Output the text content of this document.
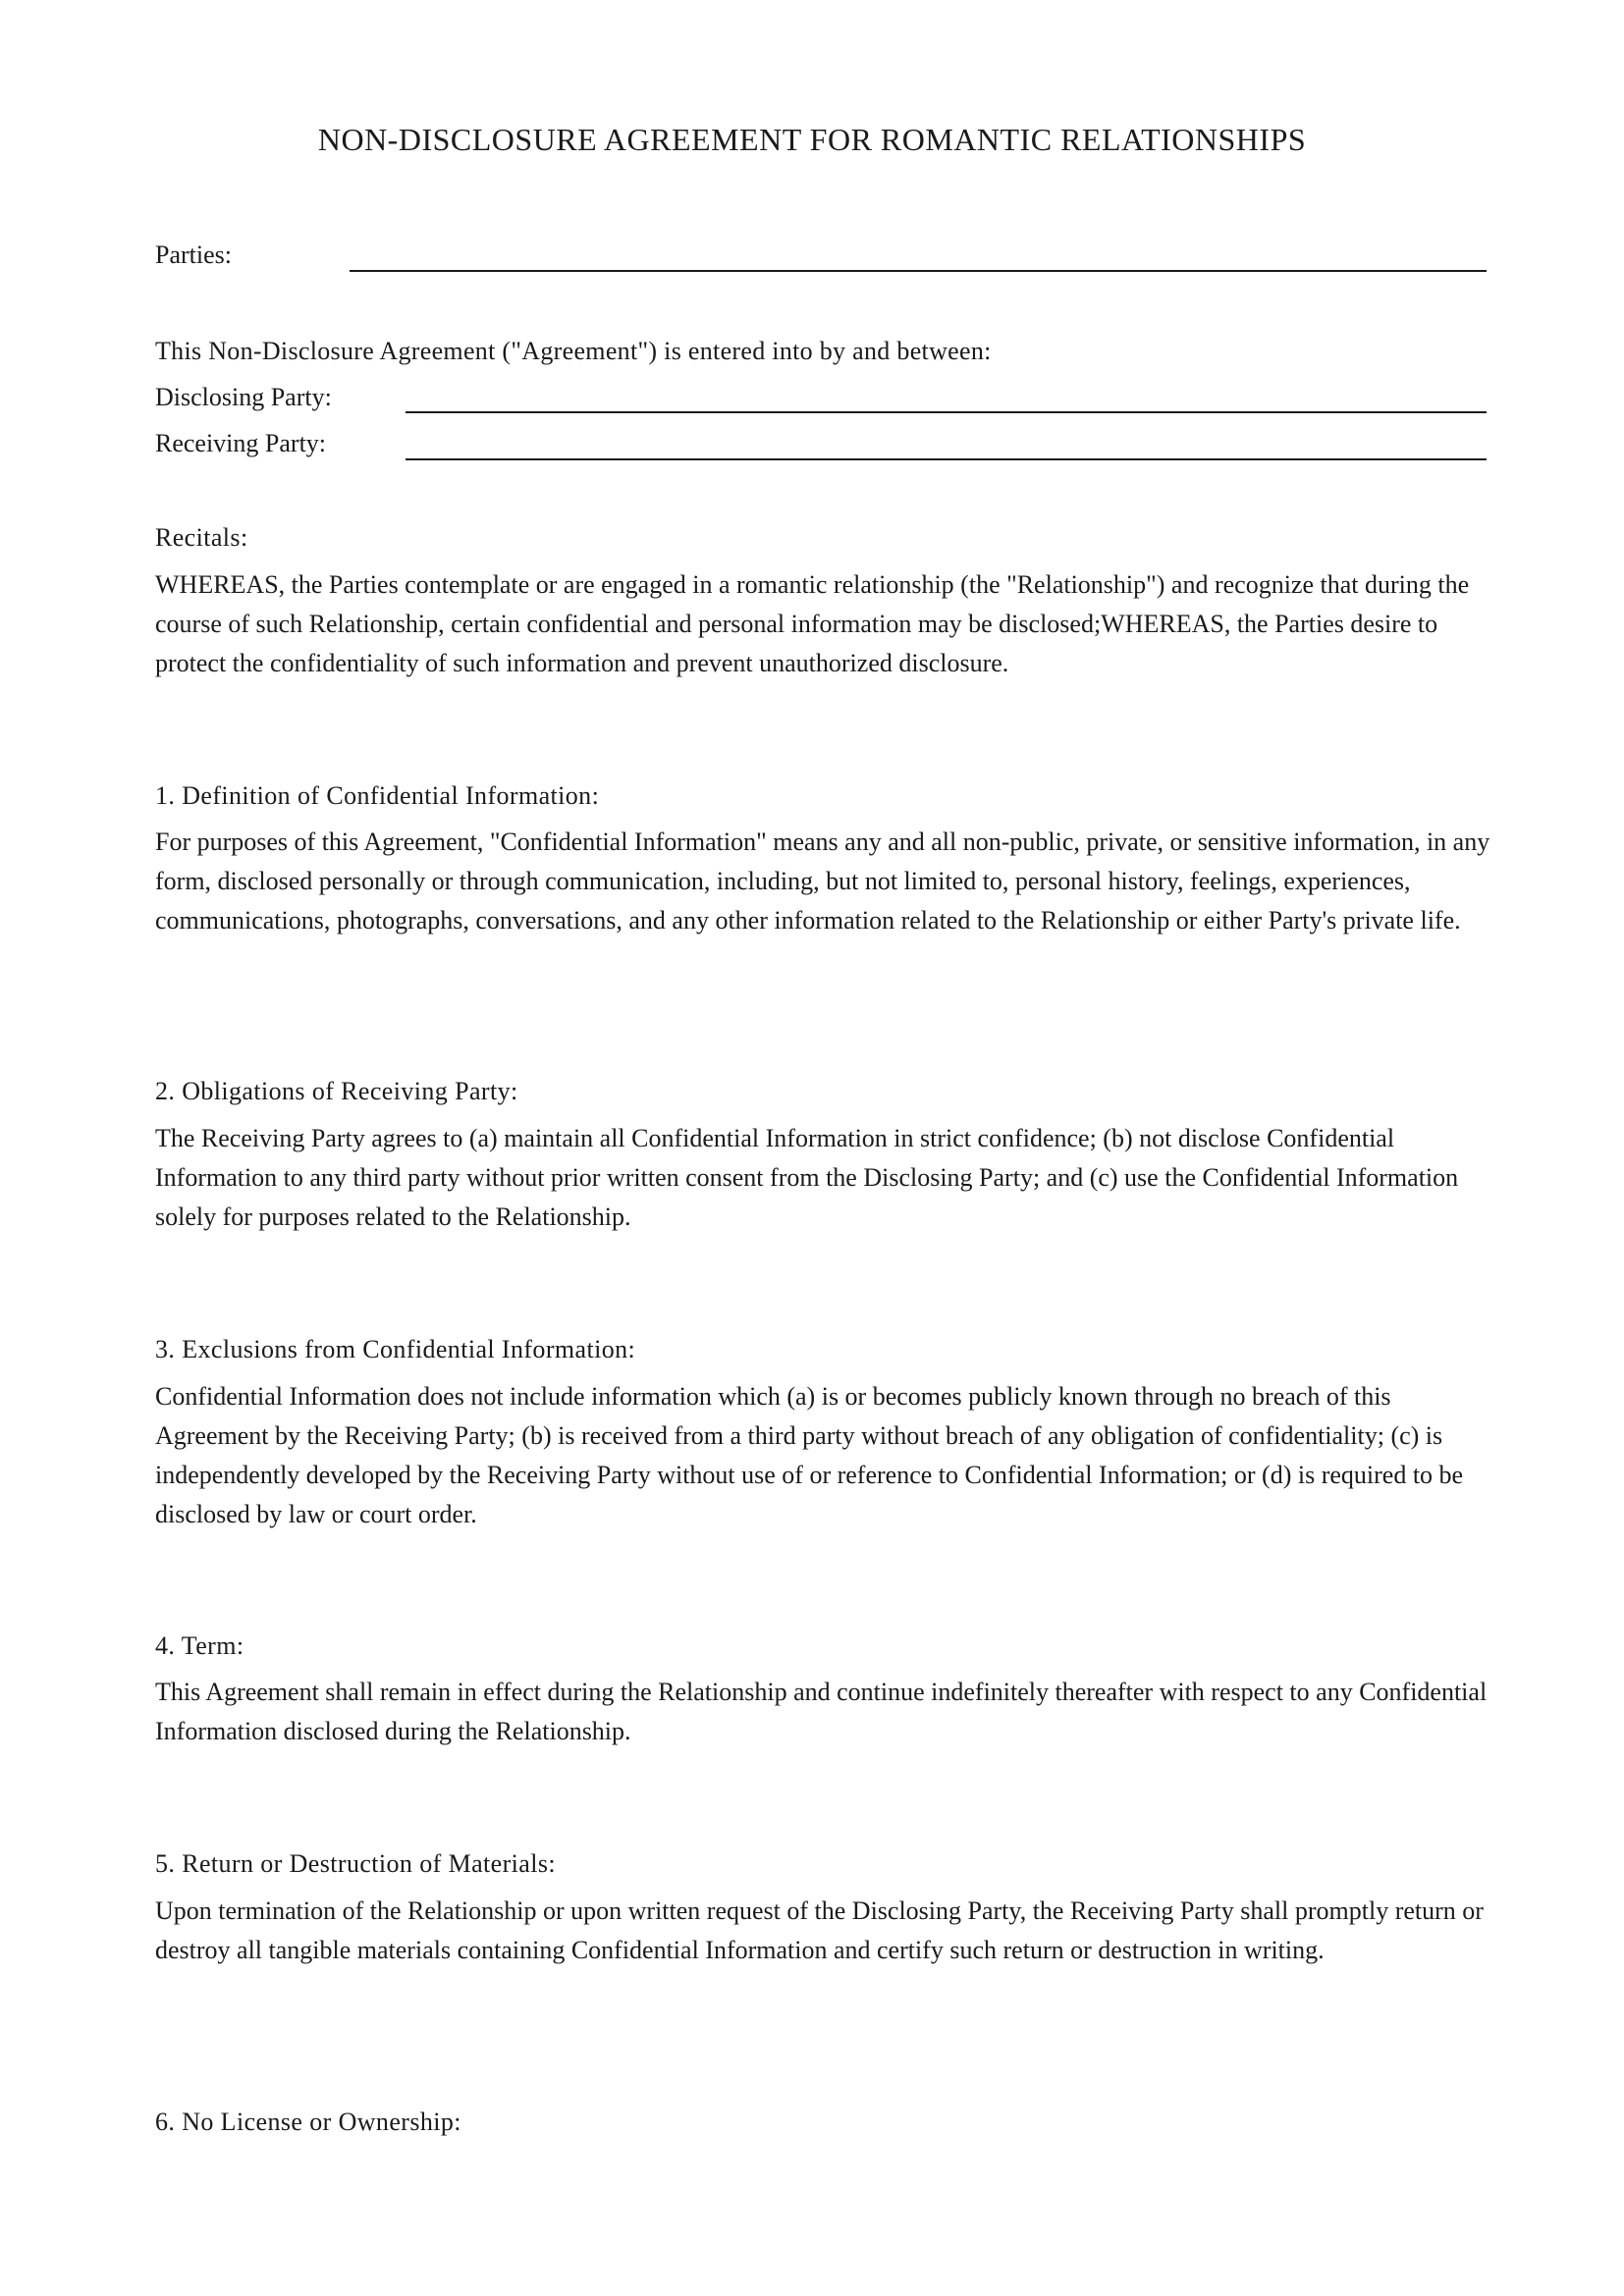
NON-DISCLOSURE AGREEMENT FOR ROMANTIC RELATIONSHIPS
Parties:
This Non-Disclosure Agreement ("Agreement") is entered into by and between:
Disclosing Party:
Receiving Party:
Recitals:
WHEREAS, the Parties contemplate or are engaged in a romantic relationship (the "Relationship") and recognize that during the course of such Relationship, certain confidential and personal information may be disclosed;WHEREAS, the Parties desire to protect the confidentiality of such information and prevent unauthorized disclosure.
1. Definition of Confidential Information:
For purposes of this Agreement, "Confidential Information" means any and all non-public, private, or sensitive information, in any form, disclosed personally or through communication, including, but not limited to, personal history, feelings, experiences, communications, photographs, conversations, and any other information related to the Relationship or either Party's private life.
2. Obligations of Receiving Party:
The Receiving Party agrees to (a) maintain all Confidential Information in strict confidence; (b) not disclose Confidential Information to any third party without prior written consent from the Disclosing Party; and (c) use the Confidential Information solely for purposes related to the Relationship.
3. Exclusions from Confidential Information:
Confidential Information does not include information which (a) is or becomes publicly known through no breach of this Agreement by the Receiving Party; (b) is received from a third party without breach of any obligation of confidentiality; (c) is independently developed by the Receiving Party without use of or reference to Confidential Information; or (d) is required to be disclosed by law or court order.
4. Term:
This Agreement shall remain in effect during the Relationship and continue indefinitely thereafter with respect to any Confidential Information disclosed during the Relationship.
5. Return or Destruction of Materials:
Upon termination of the Relationship or upon written request of the Disclosing Party, the Receiving Party shall promptly return or destroy all tangible materials containing Confidential Information and certify such return or destruction in writing.
6. No License or Ownership:
